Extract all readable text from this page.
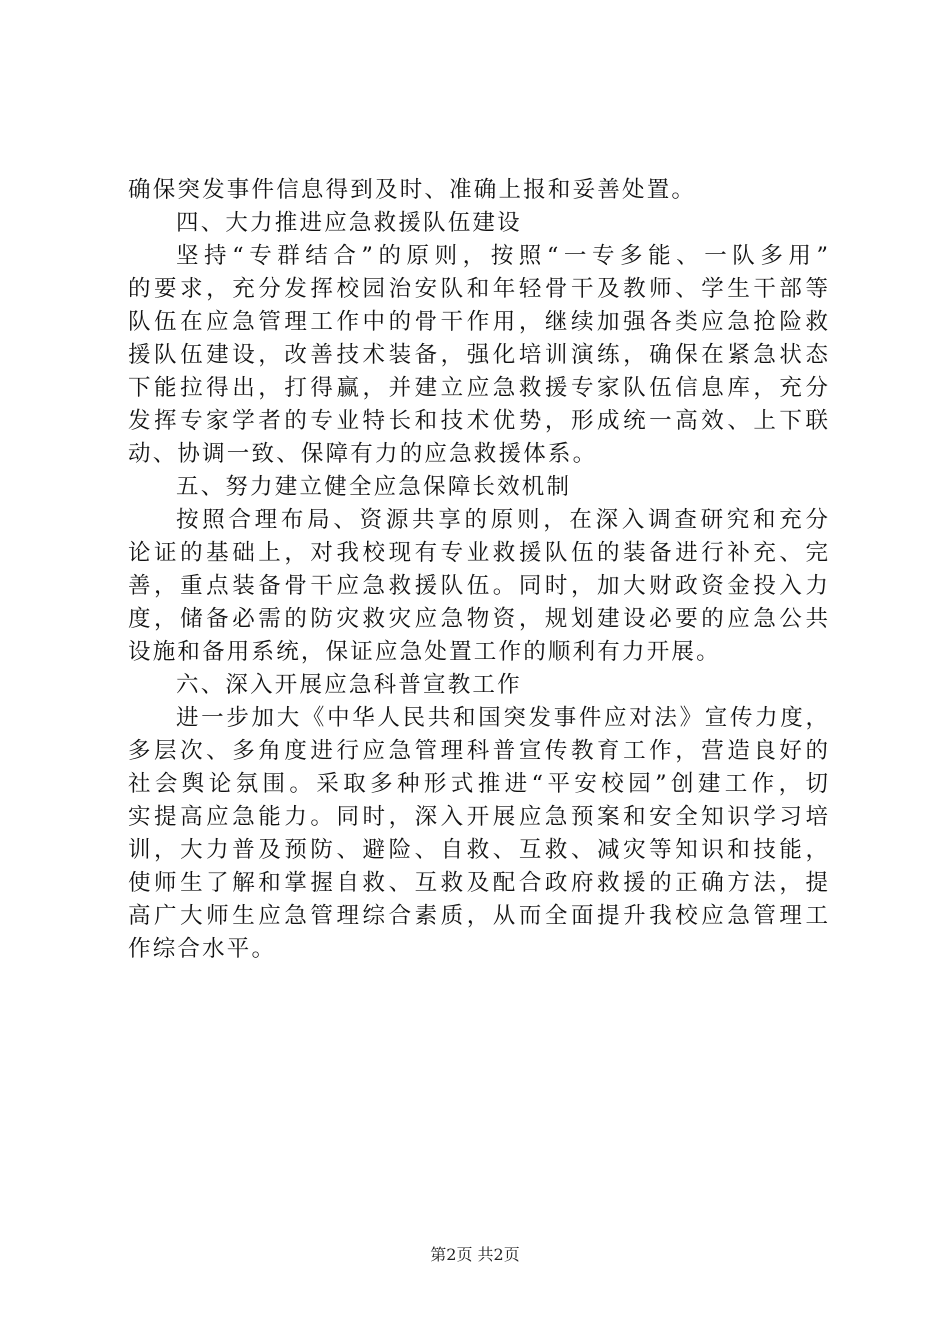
确保突发事件信息得到及时、准确上报和妥善处置。
四、大力推进应急救援队伍建设
坚持“专群结合”的原则，按照“一专多能、一队多用”
的要求，充分发挥校园治安队和年轻骨干及教师、学生干部等
队伍在应急管理工作中的骨干作用，继续加强各类应急抢险救
援队伍建设，改善技术装备，强化培训演练，确保在紧急状态
下能拉得出，打得赢，并建立应急救援专家队伍信息库，充分
发挥专家学者的专业特长和技术优势，形成统一高效、上下联
动、协调一致、保障有力的应急救援体系。
五、努力建立健全应急保障长效机制
按照合理布局、资源共享的原则，在深入调查研究和充分
论证的基础上，对我校现有专业救援队伍的装备进行补充、完
善，重点装备骨干应急救援队伍。同时，加大财政资金投入力
度，储备必需的防灾救灾应急物资，规划建设必要的应急公共
设施和备用系统，保证应急处置工作的顺利有力开展。
六、深入开展应急科普宣教工作
进一步加大《中华人民共和国突发事件应对法》宣传力度，
多层次、多角度进行应急管理科普宣传教育工作，营造良好的
社会舆论氛围。采取多种形式推进“平安校园”创建工作，切
实提高应急能力。同时，深入开展应急预案和安全知识学习培
训，大力普及预防、避险、自救、互救、减灾等知识和技能，
使师生了解和掌握自救、互救及配合政府救援的正确方法，提
高广大师生应急管理综合素质，从而全面提升我校应急管理工
作综合水平。
第2页 共2页
